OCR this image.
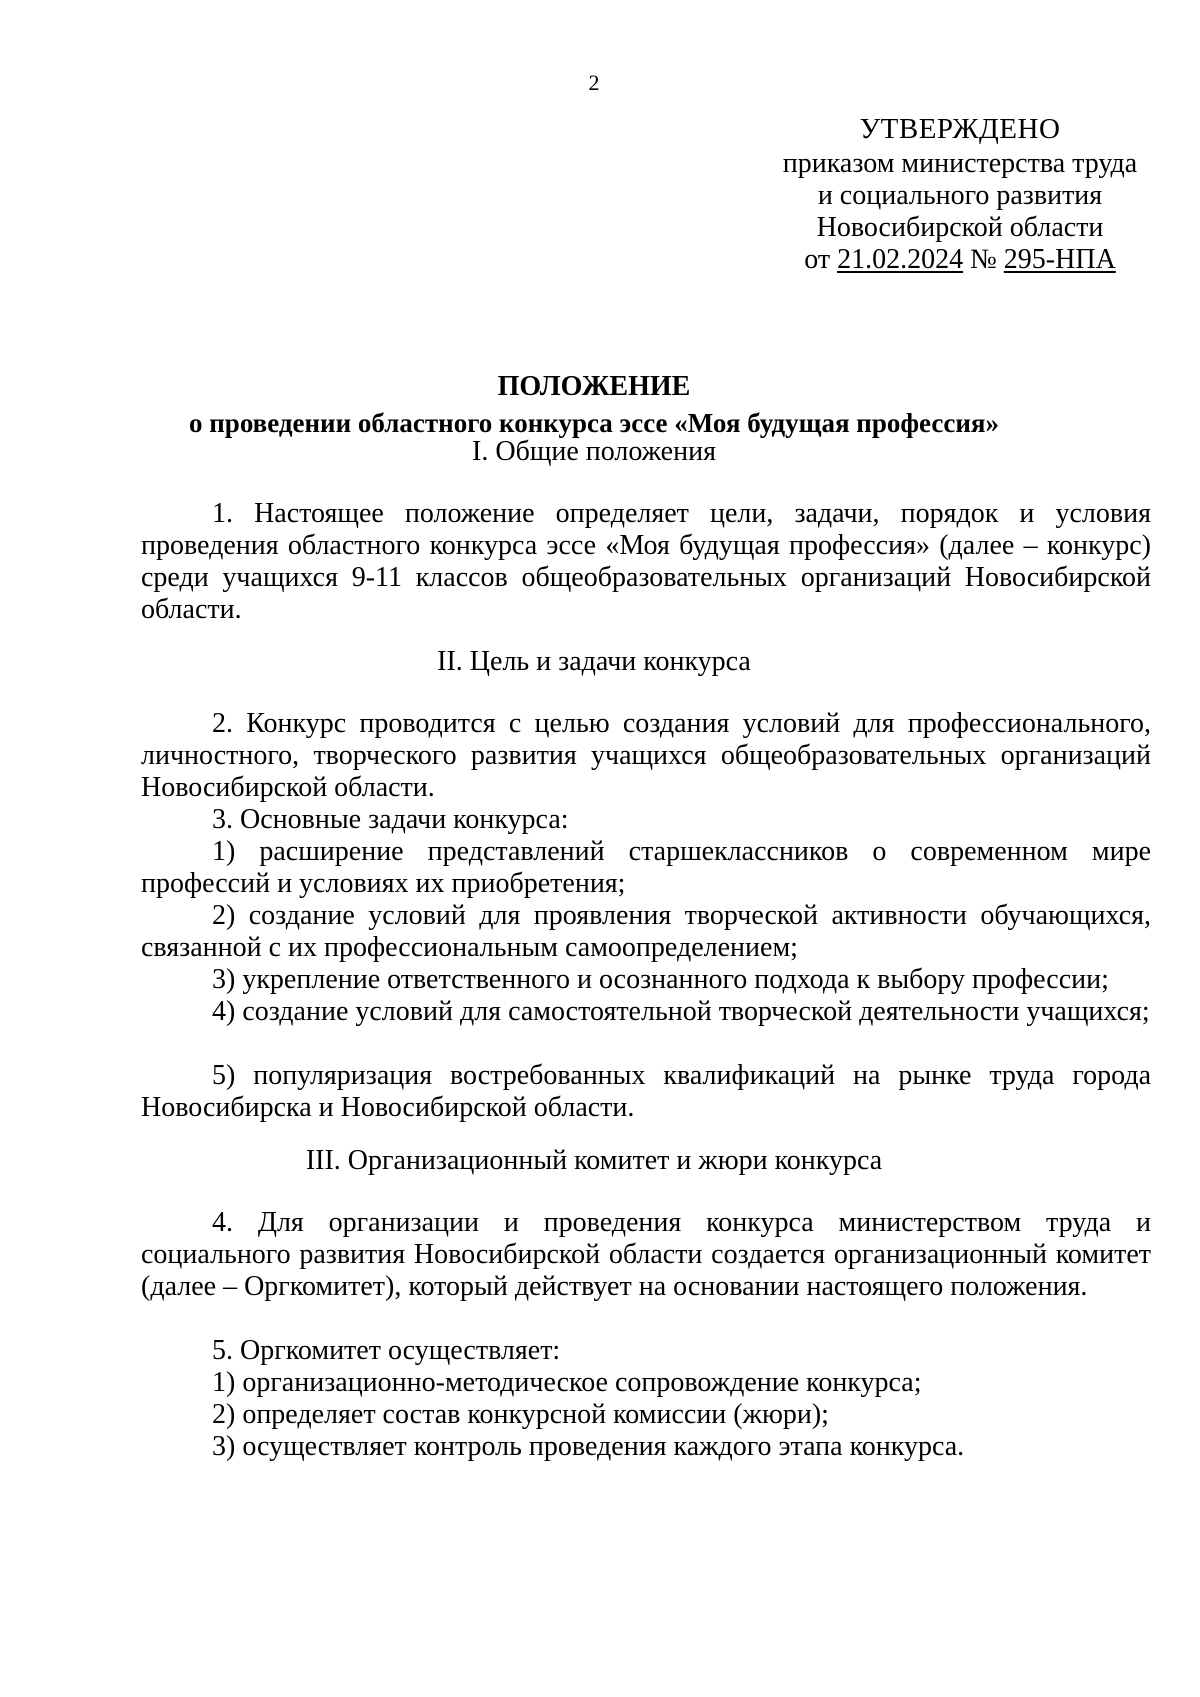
2
УТВЕРЖДЕНО
приказом министерства труда
и социального развития
Новосибирской области
от 21.02.2024 № 295-НПА
ПОЛОЖЕНИЕ
о проведении областного конкурса эссе «Моя будущая профессия»
I. Общие положения
1. Настоящее положение определяет цели, задачи, порядок и условия проведения областного конкурса эссе «Моя будущая профессия» (далее – конкурс) среди учащихся 9-11 классов общеобразовательных организаций Новосибирской области.
II. Цель и задачи конкурса
2. Конкурс проводится с целью создания условий для профессионального, личностного, творческого развития учащихся общеобразовательных организаций Новосибирской области.
3. Основные задачи конкурса:
1) расширение представлений старшеклассников о современном мире профессий и условиях их приобретения;
2) создание условий для проявления творческой активности обучающихся, связанной с их профессиональным самоопределением;
3) укрепление ответственного и осознанного подхода к выбору профессии;
4) создание условий для самостоятельной творческой деятельности учащихся;
5) популяризация востребованных квалификаций на рынке труда города Новосибирска и Новосибирской области.
III. Организационный комитет и жюри конкурса
4. Для организации и проведения конкурса министерством труда и социального развития Новосибирской области создается организационный комитет (далее – Оргкомитет), который действует на основании настоящего положения.
5. Оргкомитет осуществляет:
1) организационно-методическое сопровождение конкурса;
2) определяет состав конкурсной комиссии (жюри);
3) осуществляет контроль проведения каждого этапа конкурса.
